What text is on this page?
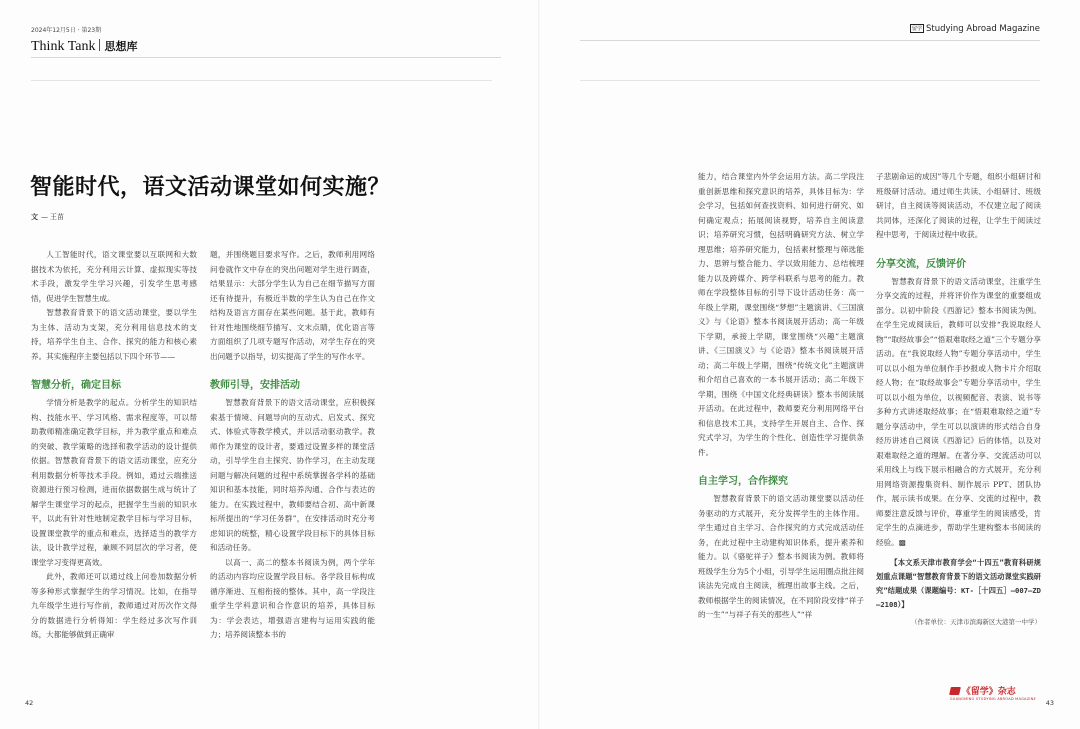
2024年12月5日 · 第23期
Think Tank 思想库
智能时代，语文活动课堂如何实施？
文 — 王苗

人工智能时代，语文课堂要以互联网和大数据技术为依托，充分利用云计算、虚拟现实等技术手段，激发学生学习兴趣，引发学生思考感悟，促进学生智慧生成。

智慧教育背景下的语文活动课堂，要以学生为主体、活动为支架，充分利用信息技术的支持，培养学生自主、合作、探究的能力和核心素养。其实施程序主要包括以下四个环节——

智慧分析，确定目标

学情分析是教学的起点。分析学生的知识结构、技能水平、学习风格、需求程度等，可以帮助教师精准确定教学目标，并为教学重点和难点的突破、教学策略的选择和教学活动的设计提供依据。智慧教育背景下的语文活动课堂，应充分利用数据分析等技术手段。例如，通过云端推送资源进行预习检测，进而依据数据生成与统计了解学生课堂学习的起点，把握学生当前的知识水平，以此有针对性地制定教学目标与学习目标，设置课堂教学的重点和难点，选择适当的教学方法，设计教学过程，兼顾不同层次的学习者，使课堂学习变得更高效。

此外，教师还可以通过线上问卷加数据分析等多种形式掌握学生的学习情况。比如，在指导九年级学生进行写作前，教师通过对历次作文得分的数据进行分析得知：学生经过多次写作训练，大都能够做到正确审

题，并围绕题目要求写作。之后，教师利用网络问卷就作文中存在的突出问题对学生进行调查，结果显示：大部分学生认为自己在细节描写方面还有待提升，有极近半数的学生认为自己在作文结构及语言方面存在某些问题。基于此，教师有针对性地围绕细节描写、文末点睛，优化语言等方面组织了几项专题写作活动，对学生存在的突出问题予以指导，切实提高了学生的写作水平。

教师引导，安排活动

智慧教育背景下的语文活动课堂，应积极探索基于情境、问题导向的互动式、启发式、探究式、体验式等教学模式，并以活动驱动教学。教师作为课堂的设计者，要通过设置多样的课堂活动，引导学生自主探究、协作学习，在主动发现问题与解决问题的过程中系统掌握各学科的基础知识和基本技能，同时培养沟通、合作与表达的能力。在实践过程中，教师要结合初、高中新课标所提出的“学习任务群”，在安排活动时充分考虑知识的统整，精心设置学段目标下的具体目标和活动任务。

以高一、高二的整本书阅读为例，两个学年的活动内容均应设置学段目标。各学段目标构成循序渐进、互相衔接的整体。其中，高一学段注重学生学科意识和合作意识的培养，具体目标为：学会表达，增强语言建构与运用实践的能力；培养阅读整本书的

42
留学 Studying Abroad Magazine

能力，结合课堂内外学会运用方法。高二学段注重创新思维和探究意识的培养，具体目标为：学会学习，包括如何查找资料、如何进行研究、如何确定观点；拓展阅读视野，培养自主阅读意识；培养研究习惯，包括明确研究方法、树立学理思维；培养研究能力，包括素材整理与筛选能力、思辨与整合能力、学以致用能力、总结梳理能力以及跨媒介、跨学科联系与思考的能力。教师在学段整体目标的引导下设计活动任务：高一年级上学期，课堂围绕“梦想”主题演讲、《三国演义》与《论语》整本书阅读展开活动；高一年级下学期，承接上学期，课堂围绕“兴趣”主题演讲、《三国演义》与《论语》整本书阅读展开活动；高二年级上学期，围绕“传统文化”主题演讲和介绍自己喜欢的一本书展开活动；高二年级下学期，围绕《中国文化经典研读》整本书阅读展开活动。在此过程中，教师要充分利用网络平台和信息技术工具，支持学生开展自主、合作、探究式学习，为学生的个性化、创造性学习提供条件。

自主学习，合作探究

智慧教育背景下的语文活动课堂要以活动任务驱动的方式展开，充分发挥学生的主体作用。学生通过自主学习、合作探究的方式完成活动任务，在此过程中主动建构知识体系，提升素养和能力。以《骆驼祥子》整本书阅读为例。教师将班级学生分为5个小组，引导学生运用圈点批注阅读法先完成自主阅读，梳理出故事主线。之后，教师根据学生的阅读情况，在不同阶段安排“祥子的一生”“与祥子有关的那些人”“祥

子悲剧命运的成因”等几个专题，组织小组研讨和班级研讨活动。通过师生共读、小组研讨、班级研讨，自主阅读等阅读活动，不仅建立起了阅读共同体，还深化了阅读的过程，让学生于阅读过程中思考，于阅读过程中收获。

分享交流，反馈评价

智慧教育背景下的语文活动课堂，注重学生分享交流的过程，并将评价作为课堂的重要组成部分。以初中阶段《西游记》整本书阅读为例。在学生完成阅读后，教师可以安排“我说取经人物”“取经故事会”“悟艰难取经之道”三个专题分享活动。在“我说取经人物”专题分享活动中，学生可以以小组为单位制作手抄报或人物卡片介绍取经人物；在“取经故事会”专题分享活动中，学生可以以小组为单位，以视频配音、表演、说书等多种方式讲述取经故事；在“悟艰难取经之道”专题分享活动中，学生可以以演讲的形式结合自身经历讲述自己阅读《西游记》后的体悟，以及对艰难取经之道的理解。在著分享、交流活动可以采用线上与线下展示相融合的方式展开，充分利用网络资源搜集资料、制作展示 PPT、团队协作，展示读书成果。在分享、交流的过程中，教师要注意反馈与评价，尊重学生的阅读感受，肯定学生的点滴进步，帮助学生建构整本书阅读的经验。▩

【本文系天津市教育学会“十四五”教育科研规划重点课题“智慧教育背景下的语文活动课堂实践研究”结题成果（课题编号：KT-［十四五］—007—ZD—2108）】

（作者单位：天津市滨海新区大港第一中学）

《留学》杂志
GUANGMING STUDYING ABROAD MAGAZINE 43
